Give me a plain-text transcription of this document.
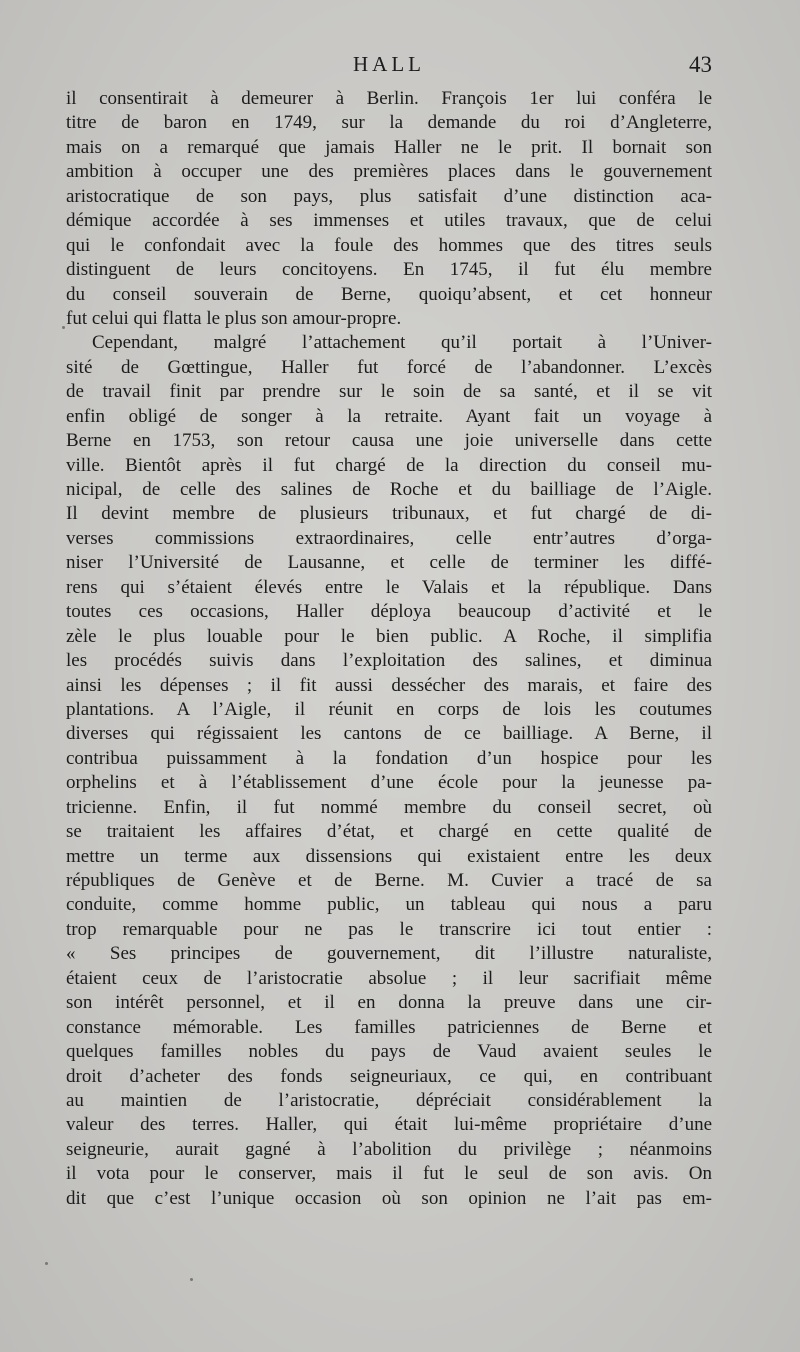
HALL	43
il consentirait à demeurer à Berlin. François 1er lui conféra le
titre de baron en 1749, sur la demande du roi d’Angleterre,
mais on a remarqué que jamais Haller ne le prit. Il bornait son
ambition à occuper une des premières places dans le gouvernement
aristocratique de son pays, plus satisfait d’une distinction aca-
démique accordée à ses immenses et utiles travaux, que de celui
qui le confondait avec la foule des hommes que des titres seuls
distinguent de leurs concitoyens. En 1745, il fut élu membre
du conseil souverain de Berne, quoiqu’absent, et cet honneur
fut celui qui flatta le plus son amour-propre.
Cependant, malgré l’attachement qu’il portait à l’Univer-
sité de Gœttingue, Haller fut forcé de l’abandonner. L’excès
de travail finit par prendre sur le soin de sa santé, et il se vit
enfin obligé de songer à la retraite. Ayant fait un voyage à
Berne en 1753, son retour causa une joie universelle dans cette
ville. Bientôt après il fut chargé de la direction du conseil mu-
nicipal, de celle des salines de Roche et du bailliage de l’Aigle.
Il devint membre de plusieurs tribunaux, et fut chargé de di-
verses commissions extraordinaires, celle entr’autres d’orga-
niser l’Université de Lausanne, et celle de terminer les diffé-
rens qui s’étaient élevés entre le Valais et la république. Dans
toutes ces occasions, Haller déploya beaucoup d’activité et le
zèle le plus louable pour le bien public. A Roche, il simplifia
les procédés suivis dans l’exploitation des salines, et diminua
ainsi les dépenses ; il fit aussi dessécher des marais, et faire des
plantations. A l’Aigle, il réunit en corps de lois les coutumes
diverses qui régissaient les cantons de ce bailliage. A Berne, il
contribua puissamment à la fondation d’un hospice pour les
orphelins et à l’établissement d’une école pour la jeunesse pa-
tricienne. Enfin, il fut nommé membre du conseil secret, où
se traitaient les affaires d’état, et chargé en cette qualité de
mettre un terme aux dissensions qui existaient entre les deux
républiques de Genève et de Berne. M. Cuvier a tracé de sa
conduite, comme homme public, un tableau qui nous a paru
trop remarquable pour ne pas le transcrire ici tout entier :
« Ses principes de gouvernement, dit l’illustre naturaliste,
étaient ceux de l’aristocratie absolue ; il leur sacrifiait même
son intérêt personnel, et il en donna la preuve dans une cir-
constance mémorable. Les familles patriciennes de Berne et
quelques familles nobles du pays de Vaud avaient seules le
droit d’acheter des fonds seigneuriaux, ce qui, en contribuant
au maintien de l’aristocratie, dépréciait considérablement la
valeur des terres. Haller, qui était lui-même propriétaire d’une
seigneurie, aurait gagné à l’abolition du privilège ; néanmoins
il vota pour le conserver, mais il fut le seul de son avis. On
dit que c’est l’unique occasion où son opinion ne l’ait pas em-
